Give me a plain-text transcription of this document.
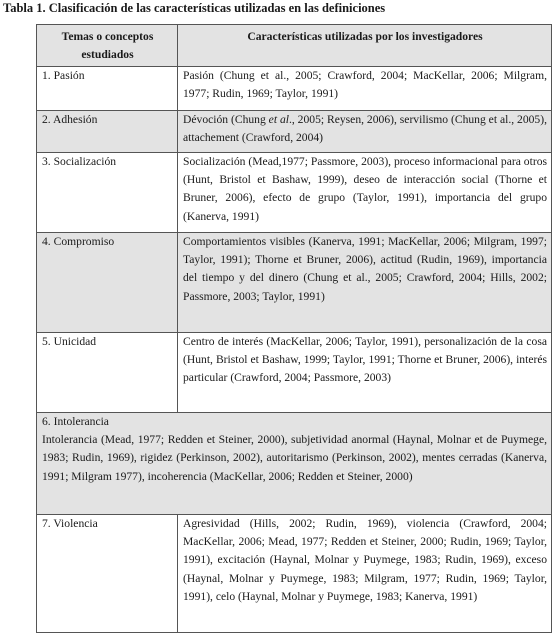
Tabla 1. Clasificación de las características utilizadas en las definiciones
Temas o conceptos estudiados	Características utilizadas por los investigadores
1. Pasión	Pasión (Chung et al., 2005; Crawford, 2004; MacKellar, 2006; Milgram, 1977; Rudin, 1969; Taylor, 1991)
2. Adhesión	Dévoción (Chung et al., 2005; Reysen, 2006), servilismo (Chung et al., 2005), attachement (Crawford, 2004)
3. Socialización	Socialización (Mead,1977; Passmore, 2003), proceso informacional para otros (Hunt, Bristol et Bashaw, 1999), deseo de interacción social (Thorne et Bruner, 2006), efecto de grupo (Taylor, 1991), importancia del grupo (Kanerva, 1991)
4. Compromiso	Comportamientos visibles (Kanerva, 1991; MacKellar, 2006; Milgram, 1997; Taylor, 1991); Thorne et Bruner, 2006), actitud (Rudin, 1969), importancia del tiempo y del dinero (Chung et al., 2005; Crawford, 2004; Hills, 2002; Passmore, 2003; Taylor, 1991)
5. Unicidad	Centro de interés (MacKellar, 2006; Taylor, 1991), personalización de la cosa (Hunt, Bristol et Bashaw, 1999; Taylor, 1991; Thorne et Bruner, 2006), interés particular (Crawford, 2004; Passmore, 2003)

6. Intolerancia
Intolerancia (Mead, 1977; Redden et Steiner, 2000), subjetividad anormal (Haynal, Molnar et de Puymege, 1983; Rudin, 1969), rigidez (Perkinson, 2002), autoritarismo (Perkinson, 2002), mentes cerradas (Kanerva, 1991; Milgram 1977), incoherencia (MacKellar, 2006; Redden et Steiner, 2000)	

7. Violencia	Agresividad (Hills, 2002; Rudin, 1969), violencia (Crawford, 2004; MacKellar, 2006; Mead, 1977; Redden et Steiner, 2000; Rudin, 1969; Taylor, 1991), excitación (Haynal, Molnar y Puymege, 1983; Rudin, 1969), exceso (Haynal, Molnar y Puymege, 1983; Milgram, 1977; Rudin, 1969; Taylor, 1991), celo (Haynal, Molnar y Puymege, 1983; Kanerva, 1991)
